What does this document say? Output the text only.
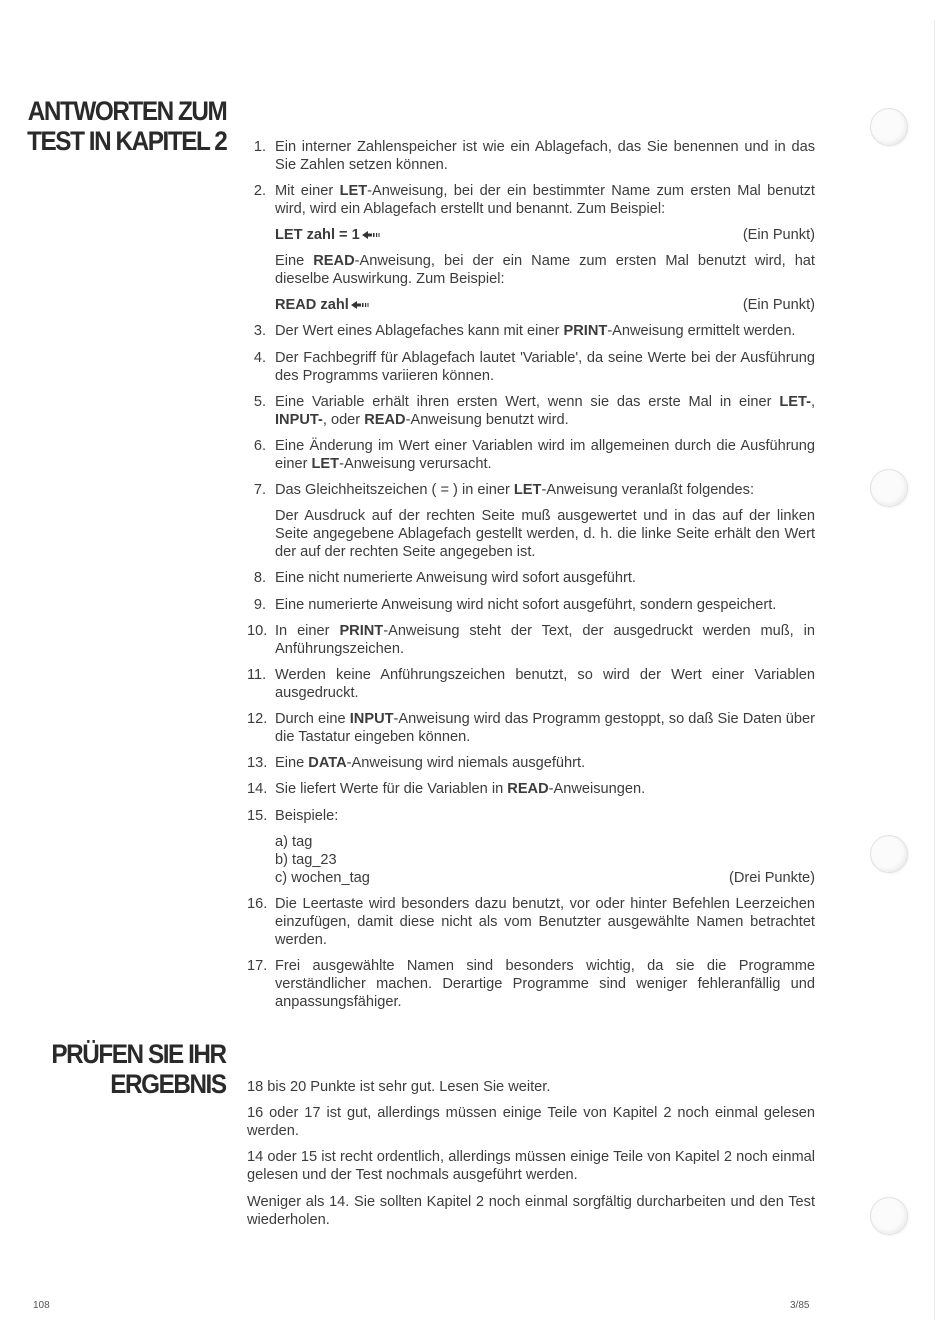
ANTWORTEN ZUM
TEST IN KAPITEL 2	1. Ein interner Zahlenspeicher ist wie ein Ablagefach, das Sie benennen und in das Sie Zahlen setzen können.
2. Mit einer LET-Anweisung, bei der ein bestimmter Name zum ersten Mal benutzt wird, wird ein Ablagefach erstellt und benannt. Zum Beispiel:
LET zahl = 1	(Ein Punkt)
Eine READ-Anweisung, bei der ein Name zum ersten Mal benutzt wird, hat dieselbe Auswirkung. Zum Beispiel:
READ zahl	(Ein Punkt)
3. Der Wert eines Ablagefaches kann mit einer PRINT-Anweisung ermittelt werden.
4. Der Fachbegriff für Ablagefach lautet 'Variable', da seine Werte bei der Ausführung des Programms variieren können.
5. Eine Variable erhält ihren ersten Wert, wenn sie das erste Mal in einer LET-, INPUT-, oder READ-Anweisung benutzt wird.
6. Eine Änderung im Wert einer Variablen wird im allgemeinen durch die Ausführung einer LET-Anweisung verursacht.
7. Das Gleichheitszeichen ( = ) in einer LET-Anweisung veranlaßt folgendes:
Der Ausdruck auf der rechten Seite muß ausgewertet und in das auf der linken Seite angegebene Ablagefach gestellt werden, d. h. die linke Seite erhält den Wert der auf der rechten Seite angegeben ist.
8. Eine nicht numerierte Anweisung wird sofort ausgeführt.
9. Eine numerierte Anweisung wird nicht sofort ausgeführt, sondern gespeichert.
10. In einer PRINT-Anweisung steht der Text, der ausgedruckt werden muß, in Anführungszeichen.
11. Werden keine Anführungszeichen benutzt, so wird der Wert einer Variablen ausgedruckt.
12. Durch eine INPUT-Anweisung wird das Programm gestoppt, so daß Sie Daten über die Tastatur eingeben können.
13. Eine DATA-Anweisung wird niemals ausgeführt.
14. Sie liefert Werte für die Variablen in READ-Anweisungen.
15. Beispiele:
a) tag
b) tag_23
c) wochen_tag	(Drei Punkte)
16. Die Leertaste wird besonders dazu benutzt, vor oder hinter Befehlen Leerzeichen einzufügen, damit diese nicht als vom Benutzter ausgewählte Namen betrachtet werden.
17. Frei ausgewählte Namen sind besonders wichtig, da sie die Programme verständlicher machen. Derartige Programme sind weniger fehleranfällig und anpassungsfähiger.
PRÜFEN SIE IHR
ERGEBNIS 18 bis 20 Punkte ist sehr gut. Lesen Sie weiter.

16 oder 17 ist gut, allerdings müssen einige Teile von Kapitel 2 noch einmal gelesen werden.

14 oder 15 ist recht ordentlich, allerdings müssen einige Teile von Kapitel 2 noch einmal gelesen und der Test nochmals ausgeführt werden.

Weniger als 14. Sie sollten Kapitel 2 noch einmal sorgfältig durcharbeiten und den Test wiederholen.

108	3/85
